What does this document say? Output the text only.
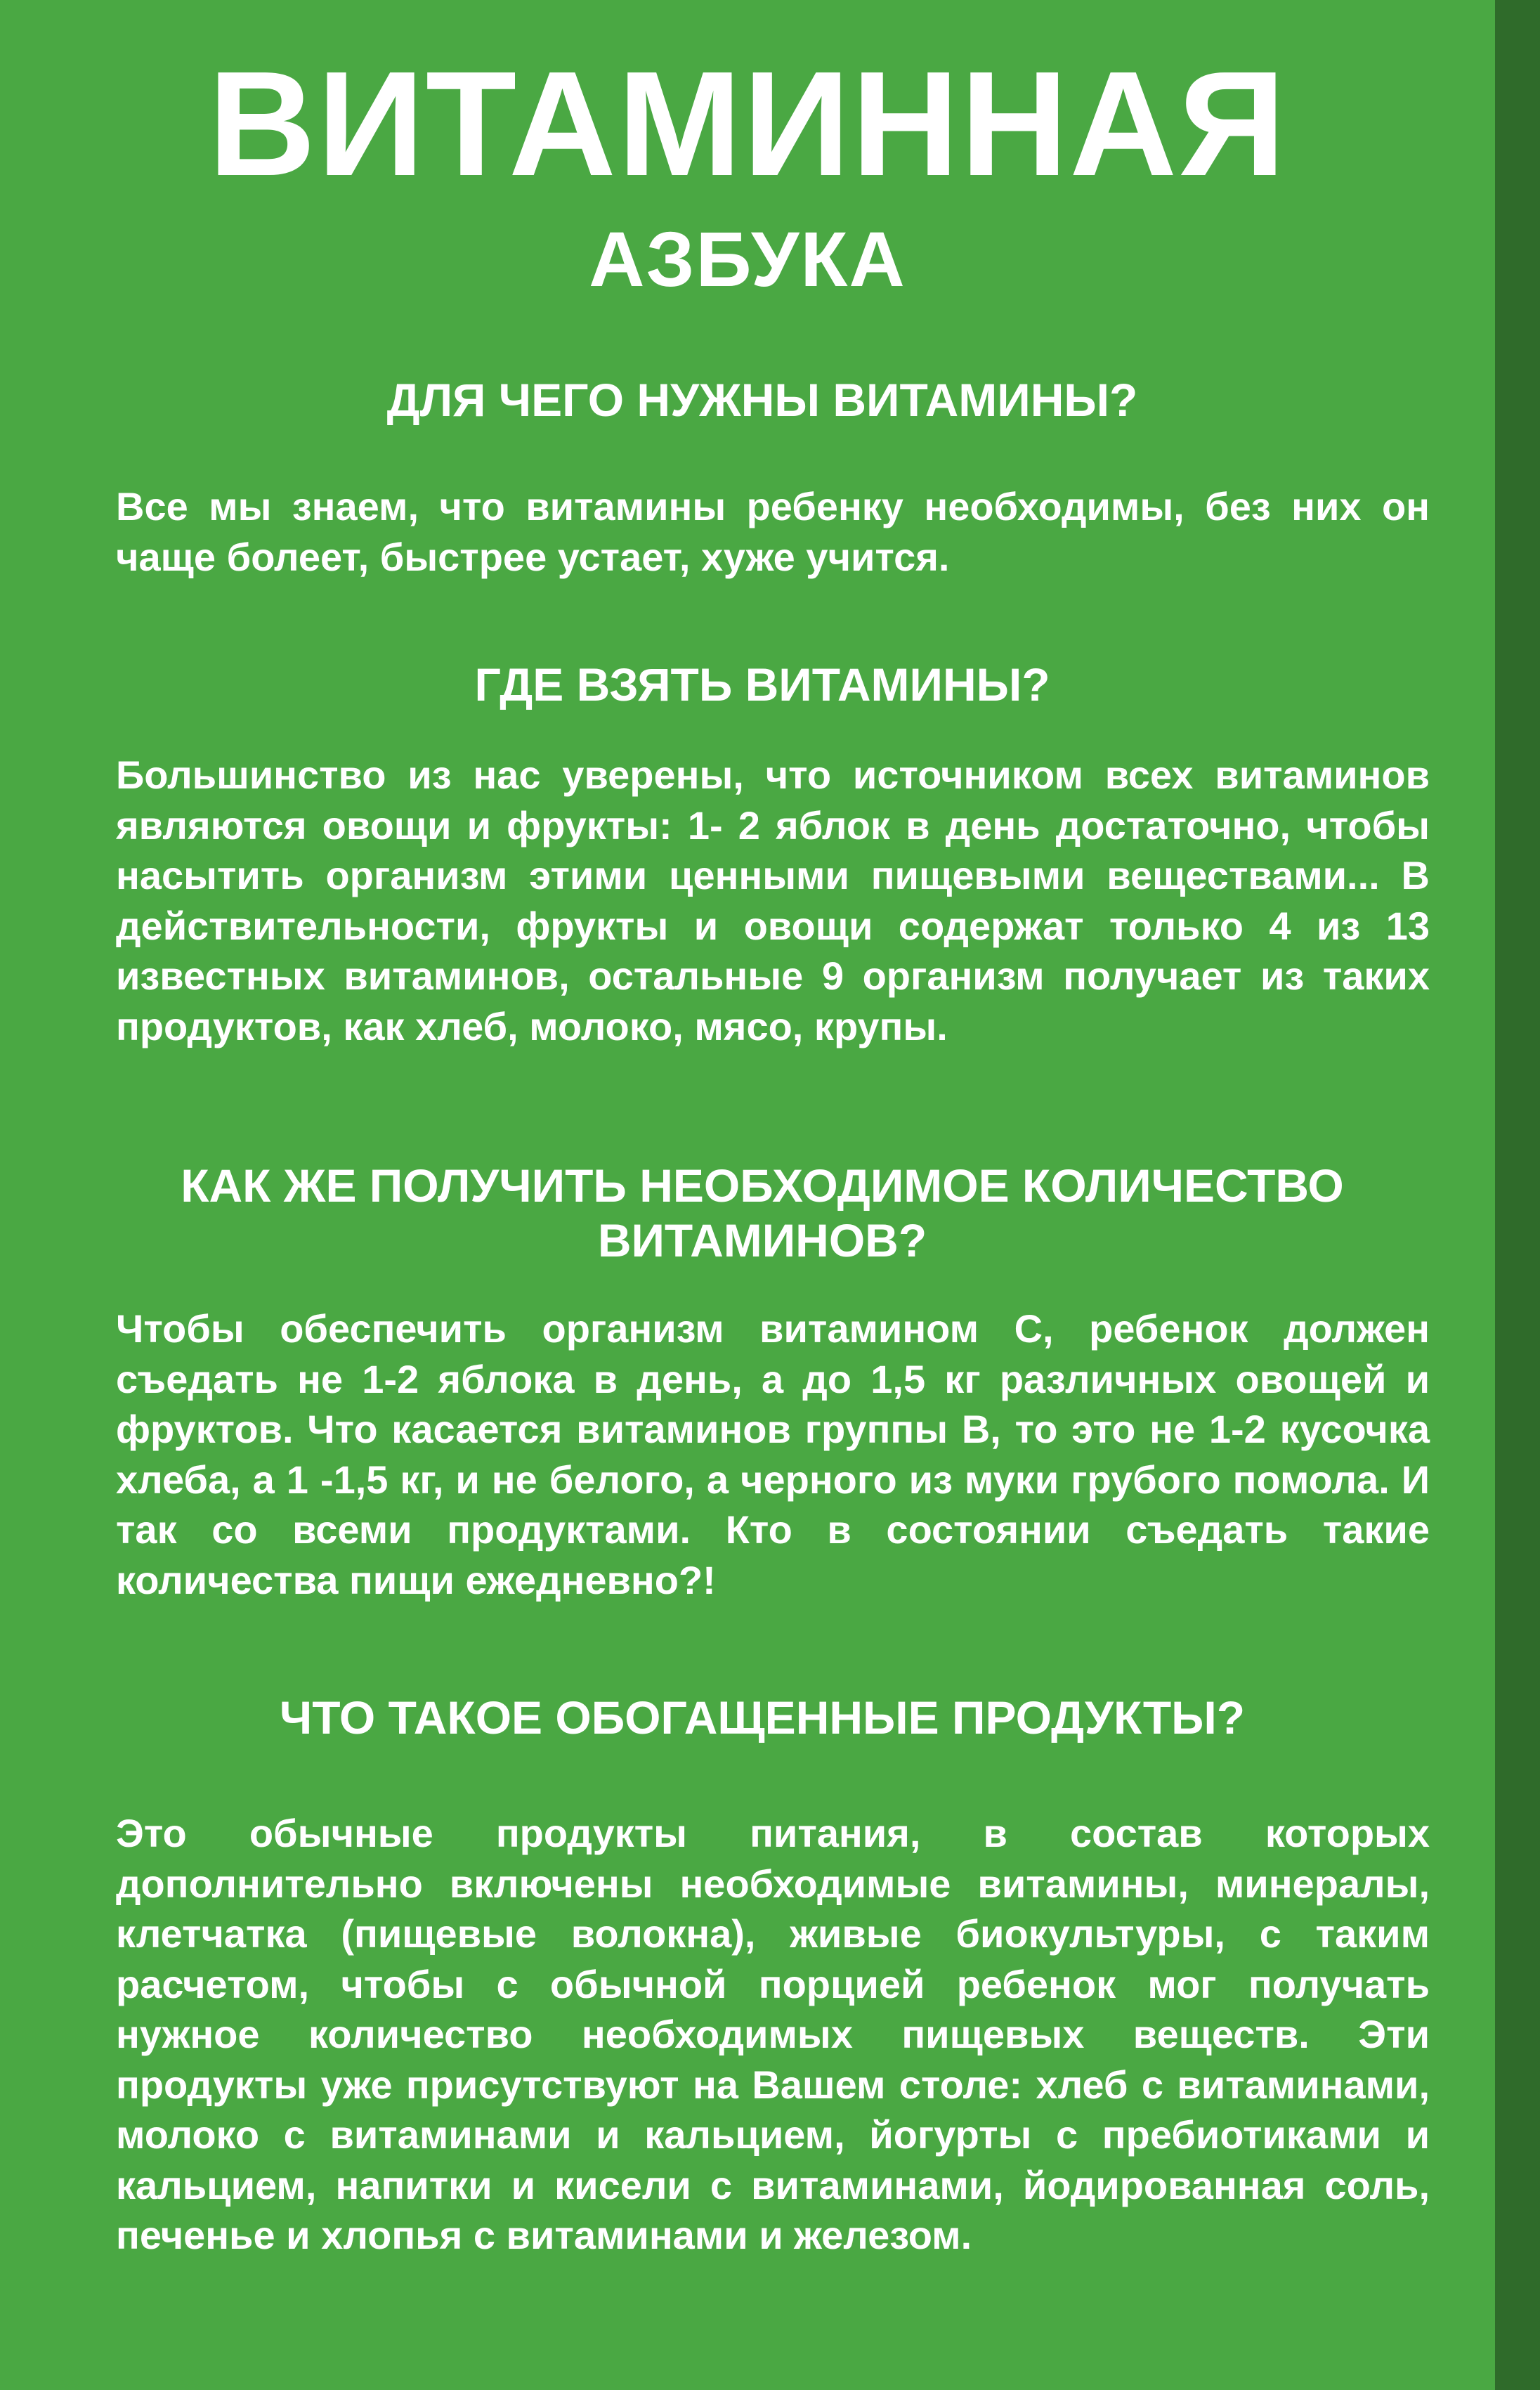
ВИТАМИННАЯ
АЗБУКА
ДЛЯ ЧЕГО НУЖНЫ ВИТАМИНЫ?

Все мы знаем, что витамины ребенку необходимы, без них он чаще болеет, быстрее устает, хуже учится.

ГДЕ ВЗЯТЬ ВИТАМИНЫ?

Большинство из нас уверены, что источником всех витаминов являются овощи и фрукты: 1- 2 яблок в день достаточно, чтобы насытить организм этими ценными пищевыми веществами... В действительности, фрукты и овощи содержат только 4 из 13 известных витаминов, остальные 9 организм получает из таких продуктов, как хлеб, молоко, мясо, крупы.

КАК ЖЕ ПОЛУЧИТЬ НЕОБХОДИМОЕ КОЛИЧЕСТВО ВИТАМИНОВ?

Чтобы обеспечить организм витамином С, ребенок должен съедать не 1-2 яблока в день, а до 1,5 кг различных овощей и фруктов. Что касается витаминов группы В, то это не 1-2 кусочка хлеба, а 1 -1,5 кг, и не белого, а черного из муки грубого помола. И так со всеми продуктами. Кто в состоянии съедать такие количества пищи ежедневно?!

ЧТО ТАКОЕ ОБОГАЩЕННЫЕ ПРОДУКТЫ?

Это обычные продукты питания, в состав которых дополнительно включены необходимые витамины, минералы, клетчатка (пищевые волокна), живые биокультуры, с таким расчетом, чтобы с обычной порцией ребенок мог получать нужное количество необходимых пищевых веществ. Эти продукты уже присутствуют на Вашем столе: хлеб с витаминами, молоко с витаминами и кальцием, йогурты с пребиотиками и кальцием, напитки и кисели с витаминами, йодированная соль, печенье и хлопья с витаминами и железом.
